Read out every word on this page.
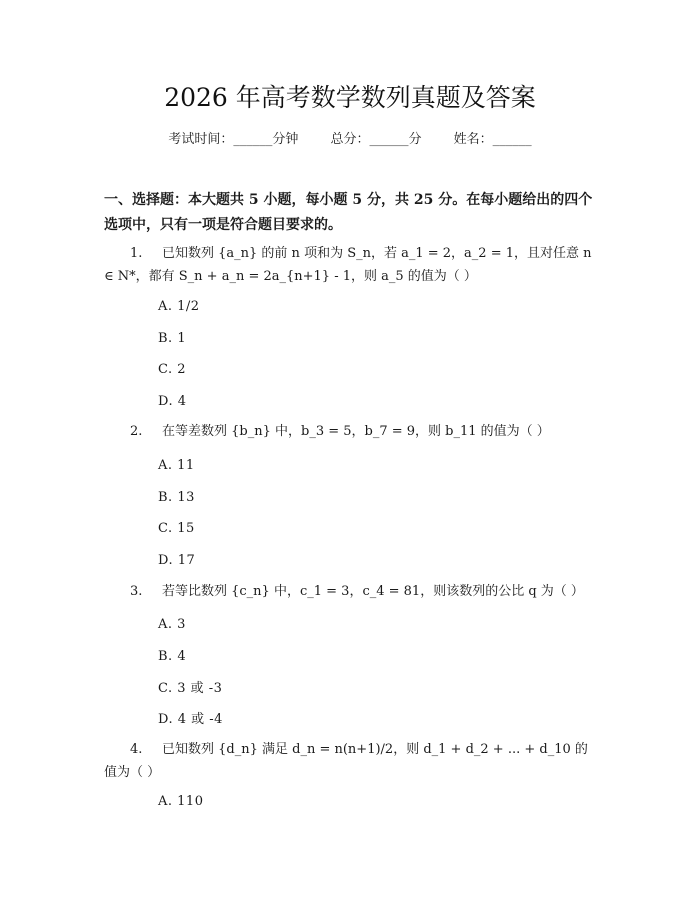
2026 年高考数学数列真题及答案
考试时间：______分钟 总分：______分 姓名：______
一、选择题：本大题共 5 小题，每小题 5 分，共 25 分。在每小题给出的四个选项中，只有一项是符合题目要求的。
1. 已知数列 {a_n} 的前 n 项和为 S_n，若 a_1 = 2，a_2 = 1，且对任意 n ∈ N*，都有 S_n + a_n = 2a_{n+1} - 1，则 a_5 的值为（ ）
A. 1/2
B. 1
C. 2
D. 4
2. 在等差数列 {b_n} 中，b_3 = 5，b_7 = 9，则 b_11 的值为（ ）
A. 11
B. 13
C. 15
D. 17
3. 若等比数列 {c_n} 中，c_1 = 3，c_4 = 81，则该数列的公比 q 为（ ）
A. 3
B. 4
C. 3 或 -3
D. 4 或 -4
4. 已知数列 {d_n} 满足 d_n = n(n+1)/2，则 d_1 + d_2 + ... + d_10 的值为（ ）
A. 110
